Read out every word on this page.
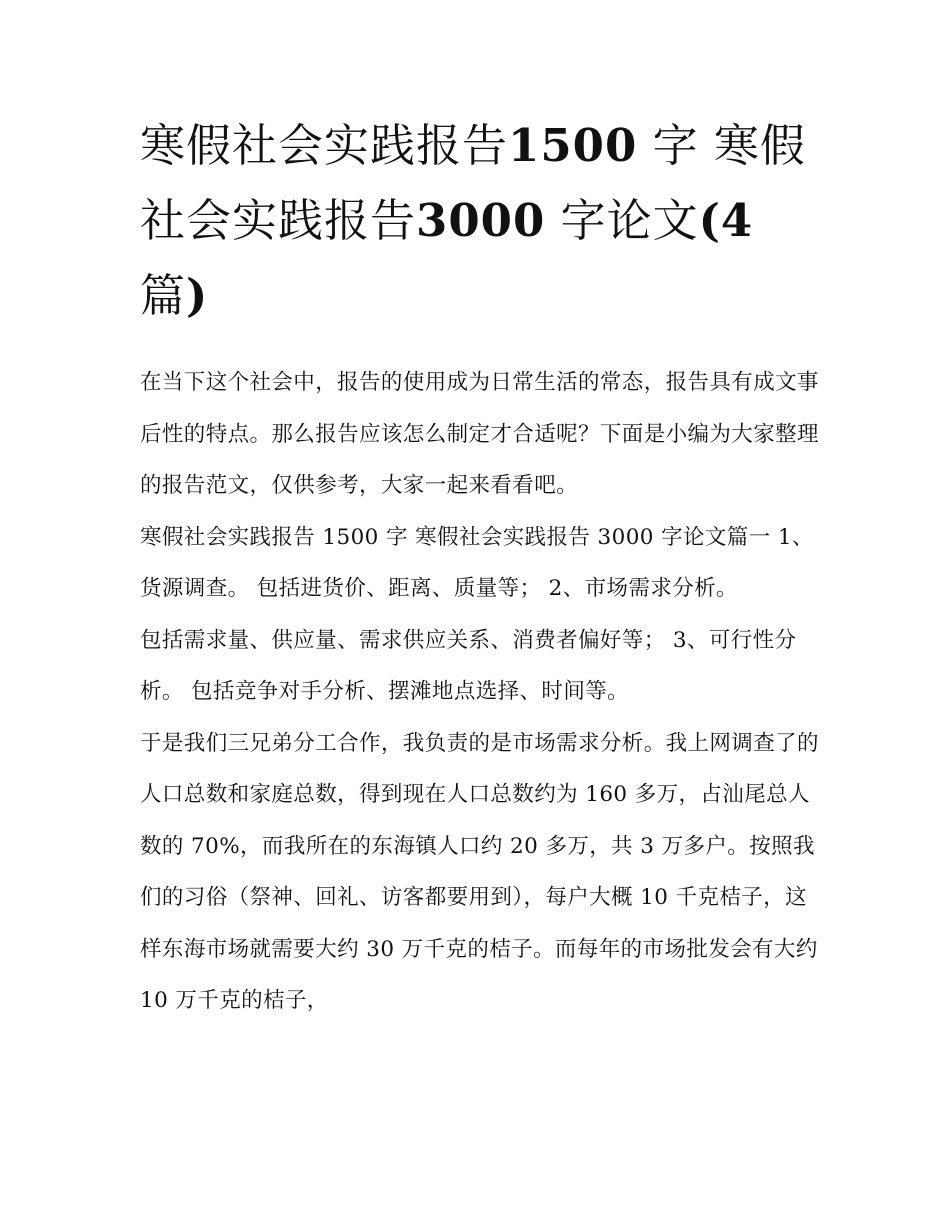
寒假社会实践报告1500 字 寒假社会实践报告3000 字论文(4
篇)

在当下这个社会中，报告的使用成为日常生活的常态，报告具有成文事后性的特点。那么报告应该怎么制定才合适呢？下面是小编为大家整理的报告范文，仅供参考，大家一起来看看吧。

寒假社会实践报告 1500 字 寒假社会实践报告 3000 字论文篇一 1、货源调查。 包括进货价、距离、质量等； 2、市场需求分析。

包括需求量、供应量、需求供应关系、消费者偏好等； 3、可行性分析。 包括竞争对手分析、摆滩地点选择、时间等。

于是我们三兄弟分工合作，我负责的是市场需求分析。我上网调查了的人口总数和家庭总数，得到现在人口总数约为 160 多万，占汕尾总人数的 70%，而我所在的东海镇人口约 20 多万，共 3 万多户。按照我们的习俗（祭神、回礼、访客都要用到），每户大概 10 千克桔子，这样东海市场就需要大约 30 万千克的桔子。而每年的市场批发会有大约 10 万千克的桔子，
